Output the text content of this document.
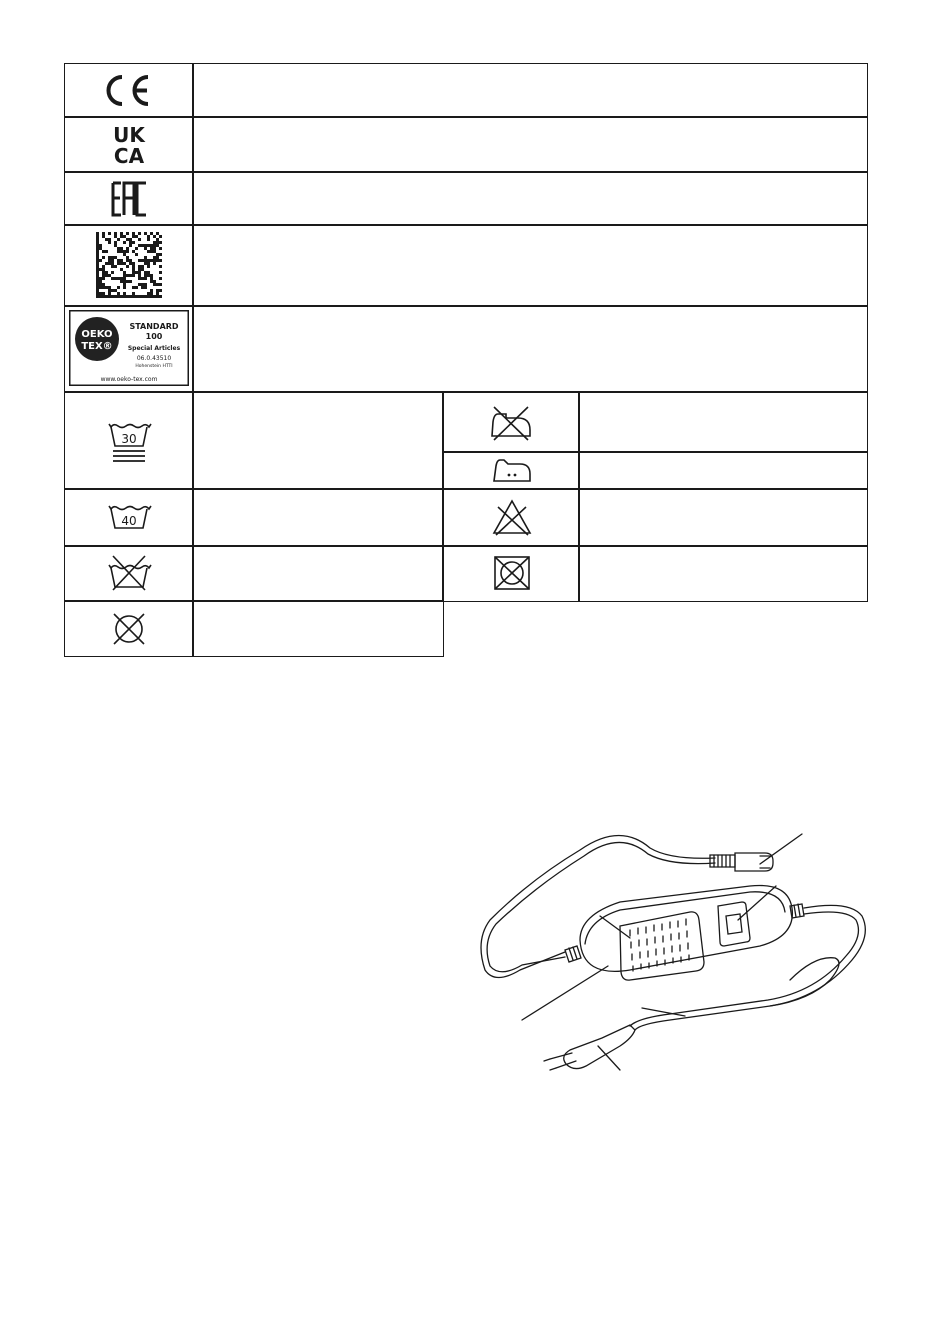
UK
CA
OEKO
TEX®
STANDARD
100
Special Articles
06.0.43510
Hohenstein HTTI
www.oeko-tex.com
30
40
